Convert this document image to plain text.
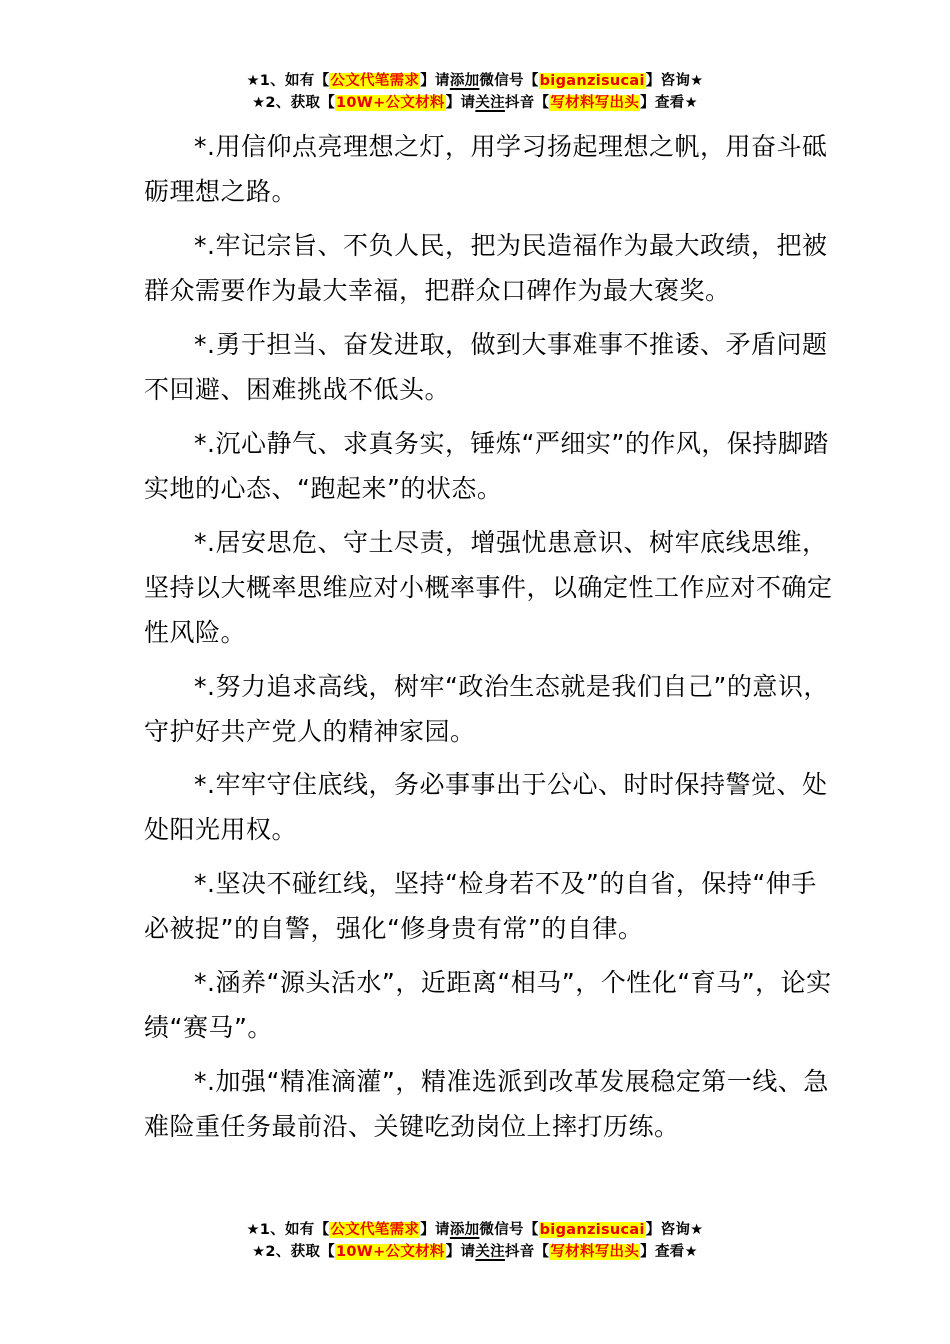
★1、如有【公文代笔需求】请添加微信号【biganzisucai】咨询★
★2、获取【10W+公文材料】请关注抖音【写材料写出头】查看★

*.用信仰点亮理想之灯，用学习扬起理想之帆，用奋斗砥砺理想之路。

*.牢记宗旨、不负人民，把为民造福作为最大政绩，把被群众需要作为最大幸福，把群众口碑作为最大褒奖。

*.勇于担当、奋发进取，做到大事难事不推诿、矛盾问题不回避、困难挑战不低头。

*.沉心静气、求真务实，锤炼“严细实”的作风，保持脚踏实地的心态、“跑起来”的状态。

*.居安思危、守土尽责，增强忧患意识、树牢底线思维，坚持以大概率思维应对小概率事件，以确定性工作应对不确定性风险。

*.努力追求高线，树牢“政治生态就是我们自己”的意识，守护好共产党人的精神家园。

*.牢牢守住底线，务必事事出于公心、时时保持警觉、处处阳光用权。

*.坚决不碰红线，坚持“检身若不及”的自省，保持“伸手必被捉”的自警，强化“修身贵有常”的自律。

*.涵养“源头活水”，近距离“相马”，个性化“育马”，论实绩“赛马”。

*.加强“精准滴灌”，精准选派到改革发展稳定第一线、急难险重任务最前沿、关键吃劲岗位上摔打历练。

★1、如有【公文代笔需求】请添加微信号【biganzisucai】咨询★
★2、获取【10W+公文材料】请关注抖音【写材料写出头】查看★
